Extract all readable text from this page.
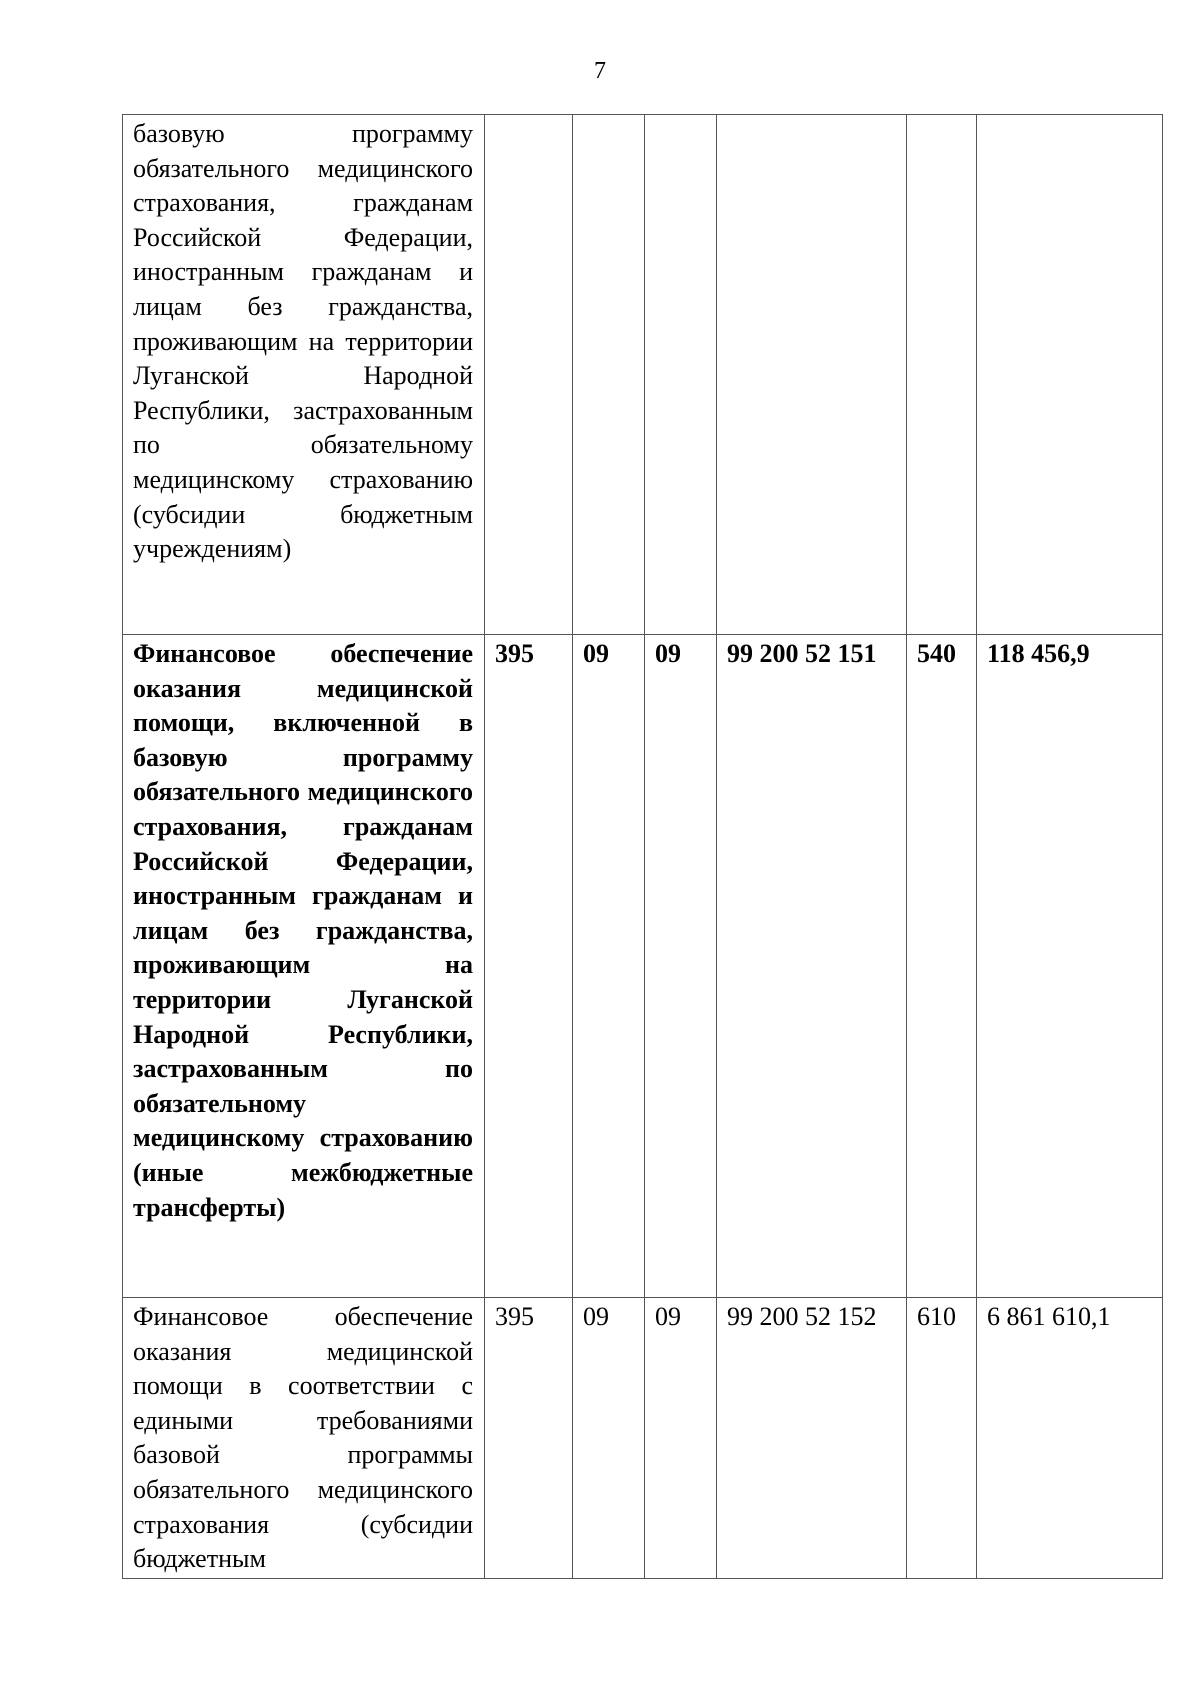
7
базовую программу обязательного медицинского страхования, гражданам Российской Федерации, иностранным гражданам и лицам без гражданства, проживающим на территории Луганской Народной Республики, застрахованным по обязательному медицинскому страхованию (субсидии бюджетным учреждениям)						
Финансовое обеспечение оказания медицинской помощи, включенной в базовую программу обязательного медицинского страхования, гражданам Российской Федерации, иностранным гражданам и лицам без гражданства, проживающим на территории Луганской Народной Республики, застрахованным по обязательному медицинскому страхованию (иные межбюджетные трансферты)	395	09	09	99 200 52 151	540	118 456,9
Финансовое обеспечение оказания медицинской помощи в соответствии с едиными требованиями базовой программы обязательного медицинского страхования (субсидии бюджетным	395	09	09	99 200 52 152	610	6 861 610,1
